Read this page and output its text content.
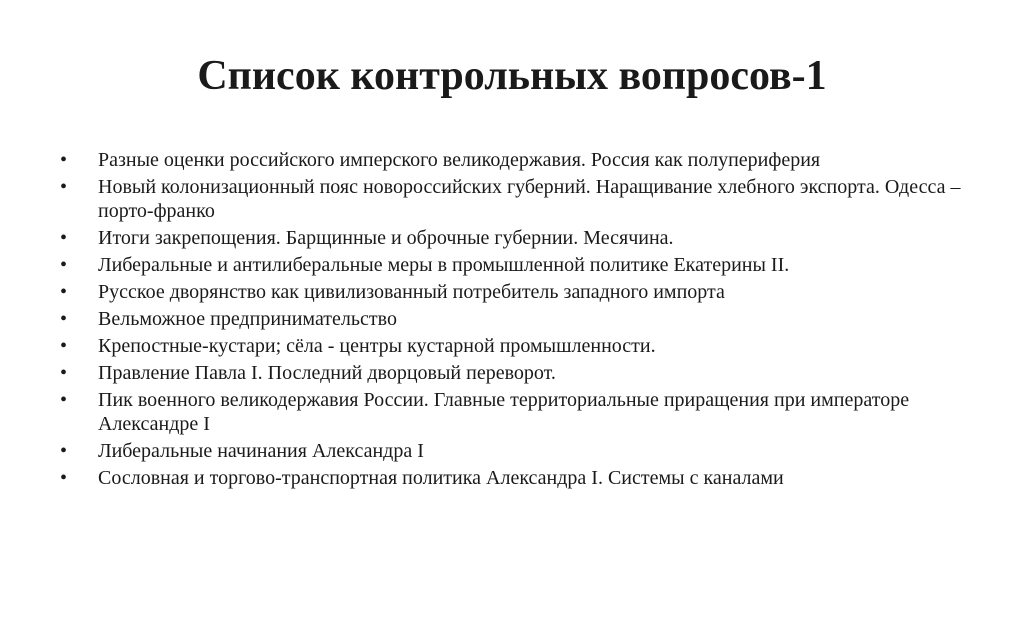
Список контрольных вопросов-1
• Разные оценки российского имперского великодержавия. Россия как полупериферия
• Новый колонизационный пояс новороссийских губерний. Наращивание хлебного экспорта. Одесса – порто-франко
• Итоги закрепощения. Барщинные и оброчные губернии. Месячина.
• Либеральные и антилиберальные меры в промышленной политике Екатерины II.
• Русское дворянство как цивилизованный потребитель западного импорта
• Вельможное предпринимательство
• Крепостные-кустари; сёла - центры кустарной промышленности.
• Правление Павла I. Последний дворцовый переворот.
• Пик военного великодержавия России. Главные территориальные приращения при императоре Александре I
• Либеральные начинания Александра I
• Сословная и торгово-транспортная политика Александра I. Системы с каналами
